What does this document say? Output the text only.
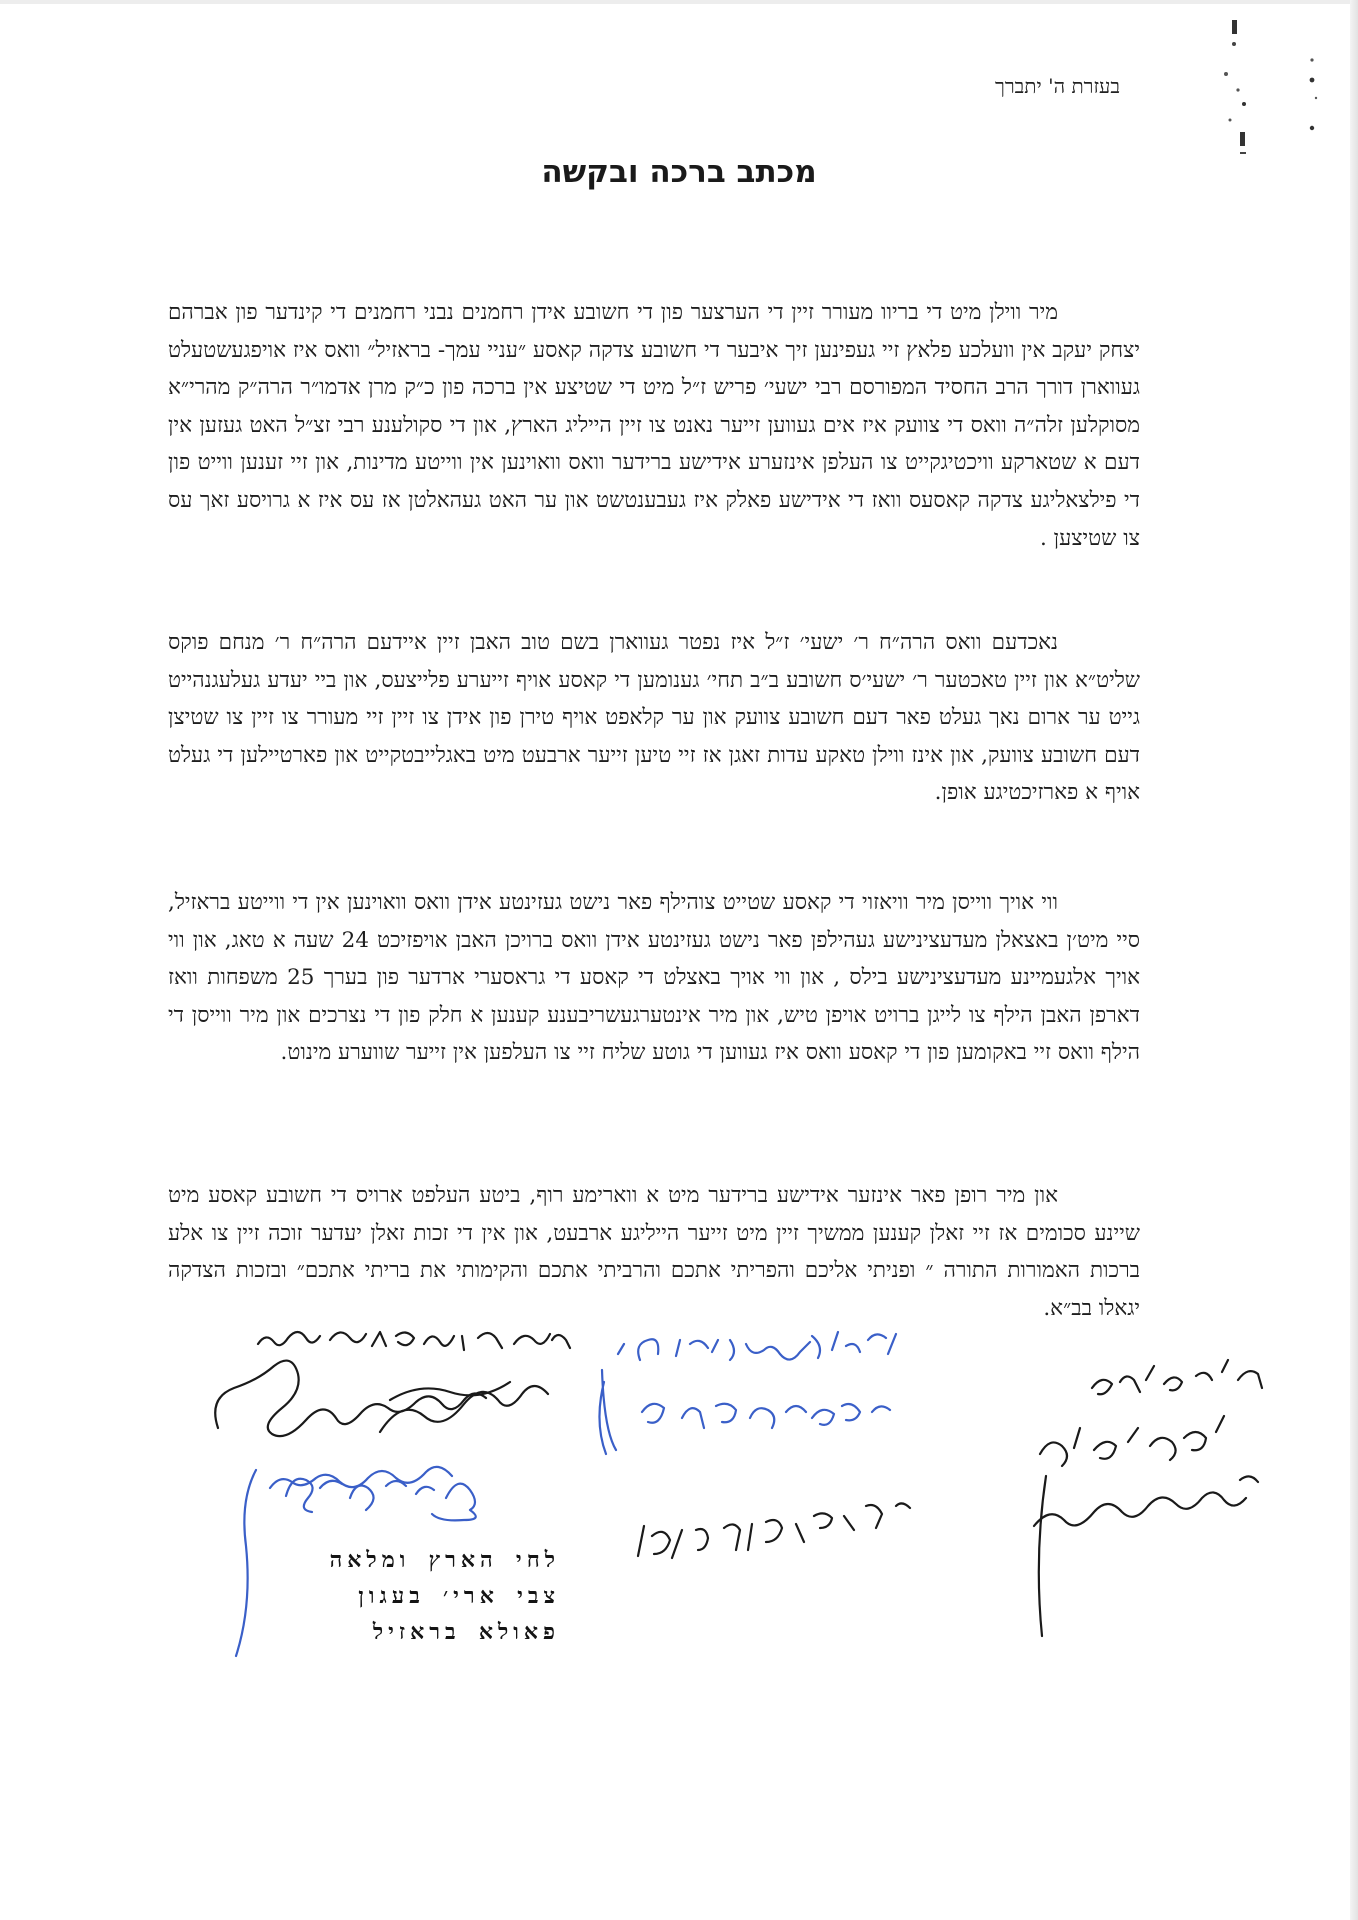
בעזרת ה' יתברך
מכתב ברכה ובקשה
מיר ווילן מיט די בריוו מעורר זיין די הערצער פון די חשובע אידן רחמנים נבני רחמנים די קינדער פון אברהם יצחק יעקב אין וועלכע פלאץ זיי געפינען זיך איבער די חשובע צדקה קאסע ״עניי עמך- בראזיל״ וואס איז אויפגעשטעלט געווארן דורך הרב החסיד המפורסם רבי ישעי׳ פריש ז״ל מיט די שטיצע אין ברכה פון כ״ק מרן אדמו״ר הרה״ק מהרי״א מסוקלען זלה״ה וואס די צוועק איז אים געווען זייער נאנט צו זיין הייליג הארץ, און די סקולענע רבי זצ״ל האט געזען אין דעם א שטארקע וויכטיגקייט צו העלפן אינזערע אידישע ברידער וואס וואוינען אין ווייטע מדינות, און זיי זענען ווייט פון די פילצאליגע צדקה קאסעס וואז די אידישע פאלק איז געבענטשט און ער האט געהאלטן אז עס איז א גרויסע זאך עס צו שטיצען .
נאכדעם וואס הרה״ח ר׳ ישעי׳ ז״ל איז נפטר געווארן בשם טוב האבן זיין איידעם הרה״ח ר׳ מנחם פוקס שליט״א און זיין טאכטער ר׳ ישעי׳ס חשובע ב״ב תחי׳ גענומען די קאסע אויף זייערע פלייצעס, און ביי יעדע געלעגנהייט גייט ער ארום נאך געלט פאר דעם חשובע צוועק און ער קלאפט אויף טירן פון אידן צו זיין זיי מעורר צו זיין צו שטיצן דעם חשובע צוועק, און אינז ווילן טאקע עדות זאגן אז זיי טיען זייער ארבעט מיט באגלייבטקייט און פארטיילען די געלט אויף א פארזיכטיגע אופן.
ווי אויך ווייסן מיר וויאזוי די קאסע שטייט צוהילף פאר נישט געזינטע אידן וואס וואוינען אין די ווייטע בראזיל, סיי מיט׳ן באצאלן מעדעצינישע געהילפן פאר נישט געזינטע אידן וואס ברויכן האבן אויפזיכט 24 שעה א טאג, און ווי אויך אלגעמיינע מעדעצינישע בילס , און ווי אויך באצלט די קאסע די גראסערי ארדער פון בערך 25 משפחות וואז דארפן האבן הילף צו לייגן ברויט אויפן טיש, און מיר אינטערגעשריבענע קענען א חלק פון די נצרכים און מיר ווייסן די הילף וואס זיי באקומען פון די קאסע וואס איז געווען די גוטע שליח זיי צו העלפען אין זייער שווערע מינוט.
און מיר רופן פאר אינזער אידישע ברידער מיט א ווארימע רוף, ביטע העלפט ארויס די חשובע קאסע מיט שיינע סכומים אז זיי זאלן קענען ממשיך זיין מיט זייער הייליגע ארבעט, און אין די זכות זאלן יעדער זוכה זיין צו אלע ברכות האמורות התורה ״ ופניתי אליכם והפריתי אתכם והרביתי אתכם והקימותי את בריתי אתכם״ ובזכות הצדקה יגאלו בב״א.
לחי הארץ ומלאה
צבי ארי׳ בעגון
פאולא בראזיל
